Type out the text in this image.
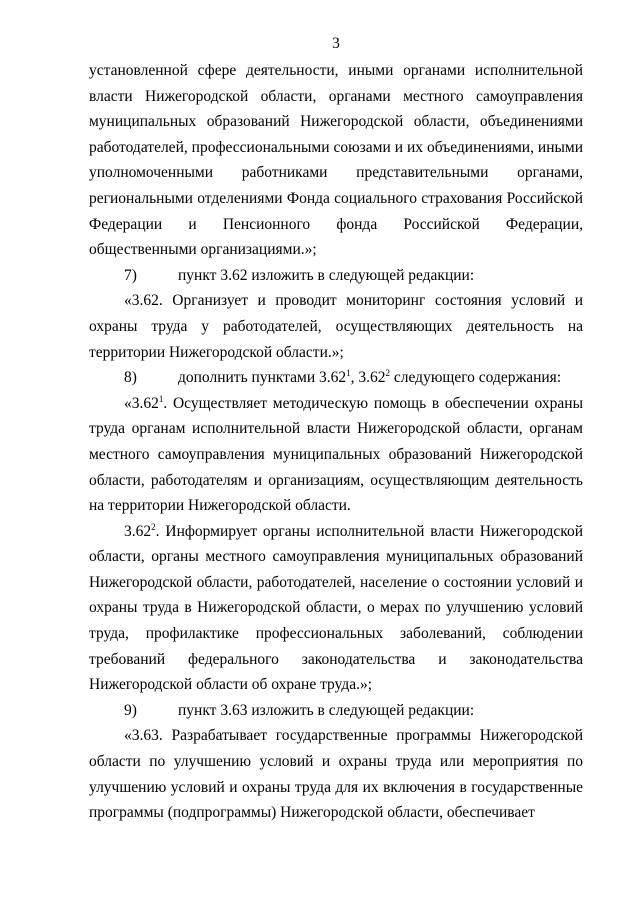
3

установленной сфере деятельности, иными органами исполнительной власти Нижегородской области, органами местного самоуправления муниципальных образований Нижегородской области, объединениями работодателей, профессиональными союзами и их объединениями, иными уполномоченными работниками представительными органами, региональными отделениями Фонда социального страхования Российской Федерации и Пенсионного фонда Российской Федерации, общественными организациями.»;

7)	пункт 3.62 изложить в следующей редакции:

«3.62. Организует и проводит мониторинг состояния условий и охраны труда у работодателей, осуществляющих деятельность на территории Нижегородской области.»;

8)	дополнить пунктами 3.62$^1$, 3.62$^2$ следующего содержания:

«3.62$^1$. Осуществляет методическую помощь в обеспечении охраны труда органам исполнительной власти Нижегородской области, органам местного самоуправления муниципальных образований Нижегородской области, работодателям и организациям, осуществляющим деятельность на территории Нижегородской области.

3.62$^2$. Информирует органы исполнительной власти Нижегородской области, органы местного самоуправления муниципальных образований Нижегородской области, работодателей, население о состоянии условий и охраны труда в Нижегородской области, о мерах по улучшению условий труда, профилактике профессиональных заболеваний, соблюдении требований федерального законодательства и законодательства Нижегородской области об охране труда.»;

9)	пункт 3.63 изложить в следующей редакции:

«3.63. Разрабатывает государственные программы Нижегородской области по улучшению условий и охраны труда или мероприятия по улучшению условий и охраны труда для их включения в государственные программы (подпрограммы) Нижегородской области, обеспечивает
